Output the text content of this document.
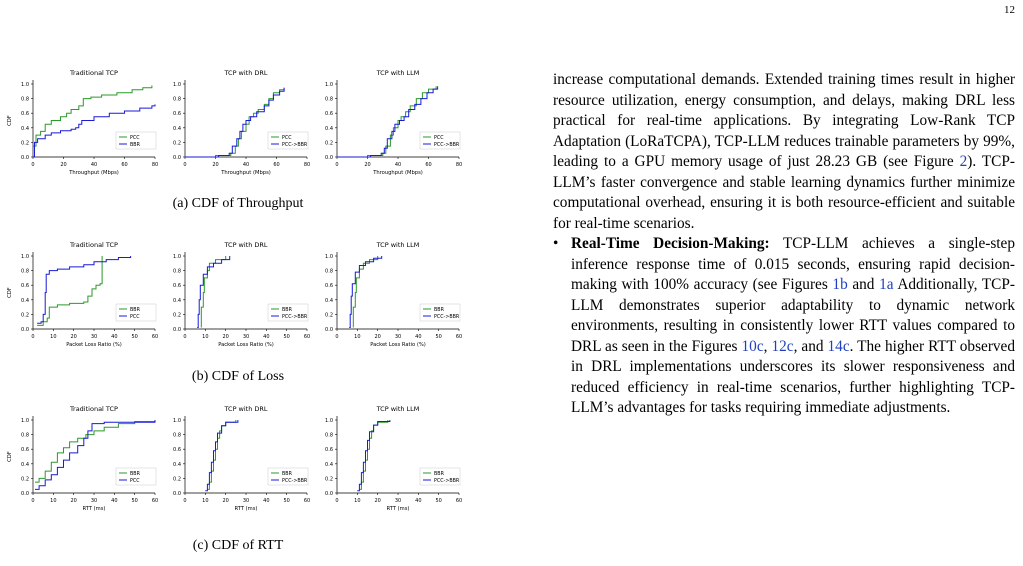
12
Traditional TCP
0.0
0.2
0.4
0.6
0.8
1.0
0	20	40	60	80
Throughput (Mbps)
CDF
PCC
BBR
TCP with DRL
0.0
0.2
0.4
0.6
0.8
1.0
0	20	40	60	80
Throughput (Mbps)
PCC
PCC->BBR
TCP with LLM
0.0
0.2
0.4
0.6
0.8
1.0
0	20	40	60	80
Throughput (Mbps)
PCC
PCC->BBR
Traditional TCP
0.0
0.2
0.4
0.6
0.8
1.0
0	10	20	30	40	50	60
Packet Loss Ratio (%)
CDF
BBR
PCC
TCP with DRL
0.0
0.2
0.4
0.6
0.8
1.0
0	10	20	30	40	50	60
Packet Loss Ratio (%)
BBR
PCC->BBR
TCP with LLM
0.0
0.2
0.4
0.6
0.8
1.0
0	10	20	30	40	50	60
Packet Loss Ratio (%)
BBR
PCC->BBR
Traditional TCP
0.0
0.2
0.4
0.6
0.8
1.0
0	10	20	30	40	50	60
RTT (ms)
CDF
BBR
PCC
TCP with DRL
0.0
0.2
0.4
0.6
0.8
1.0
0	10	20	30	40	50	60
RTT (ms)
BBR
PCC->BBR
TCP with LLM
0.0
0.2
0.4
0.6
0.8
1.0
0	10	20	30	40	50	60
RTT (ms)
BBR
PCC->BBR
(a) CDF of Throughput
(b) CDF of Loss
(c) CDF of RTT

increase computational demands. Extended training times result in higher resource utilization, energy consumption, and delays, making DRL less practical for real-time applications. By integrating Low-Rank TCP Adaptation (LoRaTCPA), TCP-LLM reduces trainable parameters by 99%, leading to a GPU memory usage of just 28.23 GB (see Figure 2). TCP-LLM’s faster convergence and stable learning dynamics further minimize computational overhead, ensuring it is both resource-efficient and suitable for real-time scenarios.

• Real-Time Decision-Making: TCP-LLM achieves a single-step inference response time of 0.015 seconds, ensuring rapid decision-making with 100% accuracy (see Figures 1b and 1a Additionally, TCP-LLM demonstrates superior adaptability to dynamic network environments, resulting in consistently lower RTT values compared to DRL as seen in the Figures 10c, 12c, and 14c. The higher RTT observed in DRL implementations underscores its slower responsiveness and reduced efficiency in real-time scenarios, further highlighting TCP-LLM’s advantages for tasks requiring immediate adjustments.
